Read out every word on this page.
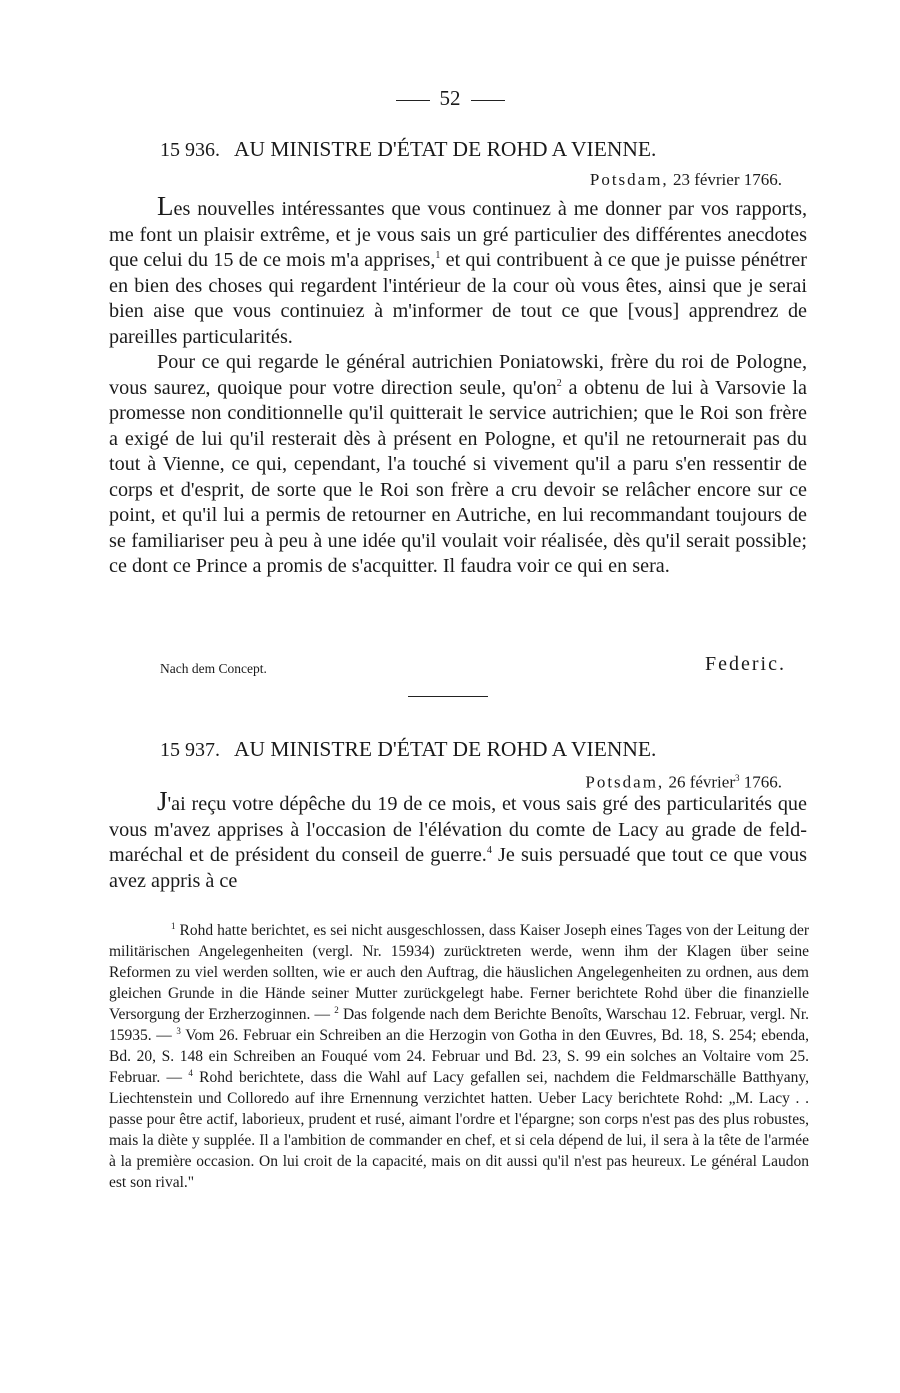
52
15 936. AU MINISTRE D'ÉTAT DE ROHD A VIENNE.
Potsdam, 23 février 1766.

Les nouvelles intéressantes que vous continuez à me donner par vos rapports, me font un plaisir extrême, et je vous sais un gré particulier des différentes anecdotes que celui du 15 de ce mois m'a apprises,$^1$ et qui contribuent à ce que je puisse pénétrer en bien des choses qui regardent l'intérieur de la cour où vous êtes, ainsi que je serai bien aise que vous continuiez à m'informer de tout ce que [vous] apprendrez de pareilles particularités.

Pour ce qui regarde le général autrichien Poniatowski, frère du roi de Pologne, vous saurez, quoique pour votre direction seule, $qu'on^2$ a obtenu de lui à Varsovie la promesse non conditionnelle qu'il quitterait le service autrichien; que le Roi son frère a exigé de lui qu'il resterait dès à présent en Pologne, et qu'il ne retournerait pas du tout à Vienne, ce qui, cependant, l'a touché si vivement qu'il a paru s'en ressentir de corps et d'esprit, de sorte que le Roi son frère a cru devoir se relâcher encore sur ce point, et qu'il lui a permis de retourner en Autriche, en lui recommandant toujours de se familiariser peu à peu à une idée qu'il voulait voir réalisée, dès qu'il serait possible; ce dont ce Prince a promis de s'acquitter. Il faudra voir ce qui en sera.

Nach dem Concept.	Federic.
15 937. AU MINISTRE D'ÉTAT DE ROHD A VIENNE.
Potsdam, 26 février$^3$ 1766.

J'ai reçu votre dépêche du 19 de ce mois, et vous sais gré des particularités que vous m'avez apprises à l'occasion de l'élévation du comte de Lacy au grade de feld-maréchal et de président du conseil de guerre.$^4$ Je suis persuadé que tout ce que vous avez appris à ce

$^1$ Rohd hatte berichtet, es sei nicht ausgeschlossen, dass Kaiser Joseph eines Tages von der Leitung der militärischen Angelegenheiten (vergl. Nr. 15934) zurücktreten werde, wenn ihm der Klagen über seine Reformen zu viel werden sollten, wie er auch den Auftrag, die häuslichen Angelegenheiten zu ordnen, aus dem gleichen Grunde in die Hände seiner Mutter zurückgelegt habe. Ferner berichtete Rohd über die finanzielle Versorgung der Erzherzoginnen. — $^2$ Das folgende nach dem Berichte Benoîts, Warschau 12. Februar, vergl. Nr. 15935. — $^3$ Vom 26. Februar ein Schreiben an die Herzogin von Gotha in den Œuvres, Bd. 18, S. 254; ebenda, Bd. 20, S. 148 ein Schreiben an Fouqué vom 24. Februar und Bd. 23, S. 99 ein solches an Voltaire vom 25. Februar. — $^4$ Rohd berichtete, dass die Wahl auf Lacy gefallen sei, nachdem die Feldmarschälle Batthyany, Liechtenstein und Colloredo auf ihre Ernennung verzichtet hatten. Ueber Lacy berichtete Rohd: „M. Lacy . . passe pour être actif, laborieux, prudent et rusé, aimant l'ordre et l'épargne; son corps n'est pas des plus robustes, mais la diète y supplée. Il a l'ambition de commander en chef, et si cela dépend de lui, il sera à la tête de l'armée à la première occasion. On lui croit de la capacité, mais on dit aussi qu'il n'est pas heureux. Le général Laudon est son rival."
